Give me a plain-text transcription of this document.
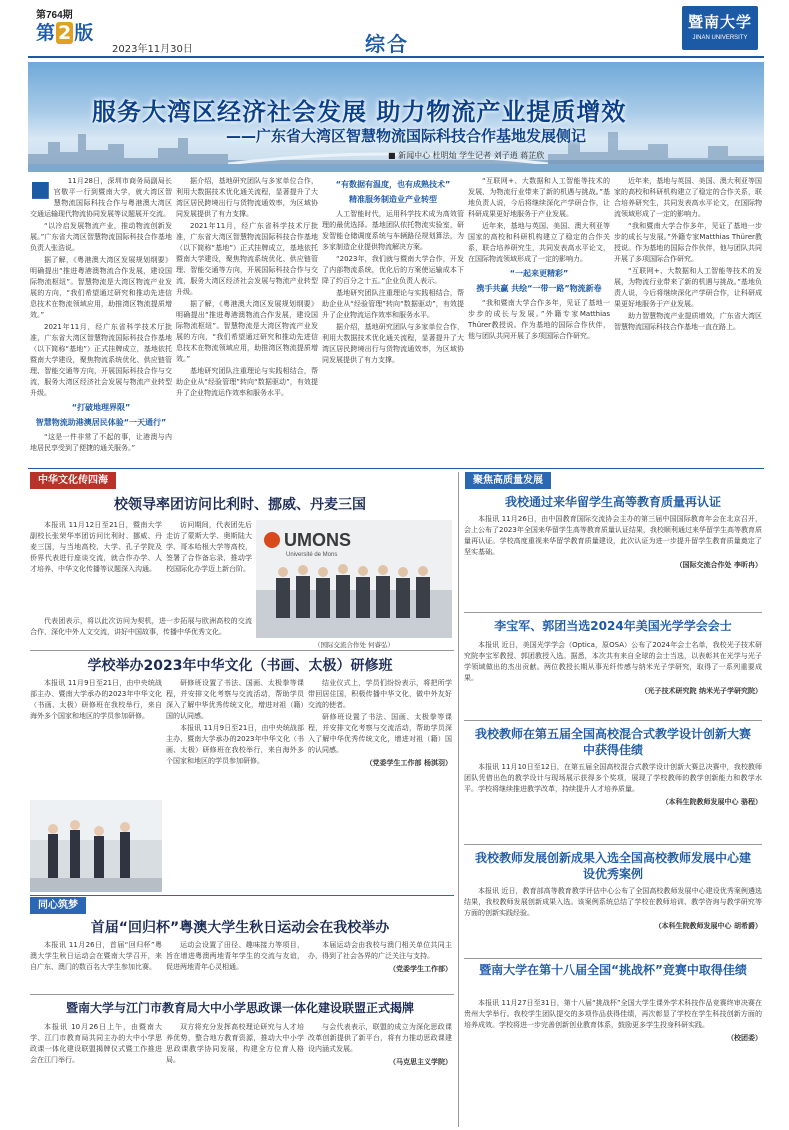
第764期
第 2 版
2023年11月30日	综合
暨南大学
JINAN UNIVERSITY
服务大湾区经济社会发展 助力物流产业提质增效
——广东省大湾区智慧物流国际科技合作基地发展侧记
■ 新闻中心 杜明灿 学生记者 刘子逍 蒋芷欣
■	11月28日，深圳市商务局副局长宫敬平一行到暨南大学，就大湾区智慧物流国际科技合作与粤港澳大湾区交通运输现代物流协同发展等议题展开交流。

“以冷启发展物流产业，推动物流创新发展。”广东省大湾区智慧物流国际科技合作基地负责人张浩说。

据了解，《粤港澳大湾区发展规划纲要》明确提出“推进粤港澳物流合作发展，建设国际物流枢纽”。智慧物流是大湾区物流产业发展的方向，“我们希望通过研究和推动先进信息技术在物流领域应用，助推湾区物流提质增效。”

2021年11月，经广东省科学技术厅批准，广东省大湾区智慧物流国际科技合作基地（以下简称“基地”）正式挂牌成立，基地依托暨南大学建设，聚焦物流系统优化、供应链管理、智能交通等方向，开展国际科技合作与交流，服务大湾区经济社会发展与物流产业转型升级。

“打破地理界限”
智慧物流助港澳居民体验“一天通行”

“这是一件非常了不起的事，让港澳与内地居民享受到了便捷的通关服务。”

据介绍，基地研究团队与多家单位合作，利用大数据技术优化通关流程，显著提升了大湾区居民跨境出行与货物流通效率，为区域协同发展提供了有力支撑。

2021年11月，经广东省科学技术厅批准，广东省大湾区智慧物流国际科技合作基地（以下简称“基地”）正式挂牌成立，基地依托暨南大学建设，聚焦物流系统优化、供应链管理、智能交通等方向，开展国际科技合作与交流，服务大湾区经济社会发展与物流产业转型升级。

据了解，《粤港澳大湾区发展规划纲要》明确提出“推进粤港澳物流合作发展，建设国际物流枢纽”。智慧物流是大湾区物流产业发展的方向，“我们希望通过研究和推动先进信息技术在物流领域应用，助推湾区物流提质增效。”

基地研究团队注重理论与实践相结合，帮助企业从“经验管理”转向“数据驱动”，有效提升了企业物流运作效率和服务水平。

“有数据有温度，也有成熟技术”
精准服务制造业产业转型

人工智能时代，运用科学技术成为高效管理的最优选择。基地团队依托物流实验室，研发智能仓储调度系统与车辆路径规划算法，为多家制造企业提供物流解决方案。

“2023年，我们就与暨南大学合作，开发了内部物流系统，优化后的方案使运输成本下降了约百分之十五。”企业负责人表示。

基地研究团队注重理论与实践相结合，帮助企业从“经验管理”转向“数据驱动”，有效提升了企业物流运作效率和服务水平。

据介绍，基地研究团队与多家单位合作，利用大数据技术优化通关流程，显著提升了大湾区居民跨境出行与货物流通效率，为区域协同发展提供了有力支撑。

“互联网+、大数据和人工智能等技术的发展，为物流行业带来了新的机遇与挑战。”基地负责人说，今后将继续深化产学研合作，让科研成果更好地服务于产业发展。

近年来，基地与英国、美国、澳大利亚等国家的高校和科研机构建立了稳定的合作关系，联合培养研究生，共同发表高水平论文，在国际物流领域形成了一定的影响力。

“一起来更精彩”
携手共赢 共绘“一带一路”物流新卷

“我和暨南大学合作多年，见证了基地一步步的成长与发展。”外籍专家Matthias Thürer教授说。作为基地的国际合作伙伴，他与团队共同开展了多项国际合作研究。

近年来，基地与英国、美国、澳大利亚等国家的高校和科研机构建立了稳定的合作关系，联合培养研究生，共同发表高水平论文，在国际物流领域形成了一定的影响力。

“我和暨南大学合作多年，见证了基地一步步的成长与发展。”外籍专家Matthias Thürer教授说。作为基地的国际合作伙伴，他与团队共同开展了多项国际合作研究。

“互联网+、大数据和人工智能等技术的发展，为物流行业带来了新的机遇与挑战。”基地负责人说，今后将继续深化产学研合作，让科研成果更好地服务于产业发展。

助力智慧物流产业提质增效，广东省大湾区智慧物流国际科技合作基地一直在路上。

中华文化传四海	聚焦高质量发展
同心筑梦
校领导率团访问比利时、挪威、丹麦三国

本报讯 11月12日至21日，暨南大学副校长张荣华率团访问比利时、挪威、丹麦三国，与当地高校、大学、孔子学院及侨界代表进行座谈交流，就合作办学、人才培养、中华文化传播等议题深入沟通。

访问期间，代表团先后走访了蒙斯大学、奥斯陆大学、哥本哈根大学等高校，签署了合作备忘录，推动学校国际化办学迈上新台阶。

UMONS
Université de Mons
（国际交流合作处 何睿弘）

代表团表示，将以此次访问为契机，进一步拓展与欧洲高校的交流合作，深化中外人文交流，讲好中国故事，传播中华优秀文化。

学校举办2023年中华文化（书画、太极）研修班

本报讯 11月9日至21日，由中央统战部主办、暨南大学承办的2023年中华文化（书画、太极）研修班在我校举行，来自海外多个国家和地区的学员参加研修。

研修班设置了书法、国画、太极拳等课程，并安排文化考察与交流活动，帮助学员深入了解中华优秀传统文化，增进对祖（籍）国的认同感。

本报讯 11月9日至21日，由中央统战部主办、暨南大学承办的2023年中华文化（书画、太极）研修班在我校举行，来自海外多个国家和地区的学员参加研修。

结业仪式上，学员们纷纷表示，将把所学带回居住国，积极传播中华文化，做中外友好交流的使者。

研修班设置了书法、国画、太极拳等课程，并安排文化考察与交流活动，帮助学员深入了解中华优秀传统文化，增进对祖（籍）国的认同感。

（党委学生工作部 杨淇羽）
首届“回归杯”粤澳大学生秋日运动会在我校举办

本报讯 11月26日，首届“回归杯”粤澳大学生秋日运动会在暨南大学召开，来自广东、澳门的数百名大学生参加比赛。

运动会设置了田径、趣味接力等项目，旨在增进粤澳两地青年学生的交流与友谊，促进两地青年心灵相通。

本届运动会由我校与澳门相关单位共同主办，得到了社会各界的广泛关注与支持。

（党委学生工作部）
暨南大学与江门市教育局大中小学思政课一体化建设联盟正式揭牌

本报讯 10月26日上午，由暨南大学、江门市教育局共同主办的大中小学思政课一体化建设联盟揭牌仪式暨工作推进会在江门举行。

双方将充分发挥高校理论研究与人才培养优势，整合地方教育资源，推动大中小学思政课教学协同发展，构建全方位育人格局。

与会代表表示，联盟的成立为深化思政课改革创新提供了新平台，将有力推动思政课建设内涵式发展。

（马克思主义学院）
我校通过来华留学生高等教育质量再认证

本报讯 11月26日，由中国教育国际交流协会主办的第三届中国国际教育年会在北京召开，会上公布了2023年全国来华留学生高等教育质量认证结果，我校顺利通过来华留学生高等教育质量再认证。学校高度重视来华留学教育质量建设，此次认证为进一步提升留学生教育质量奠定了坚实基础。

（国际交流合作处 李昕冉）
李宝军、郭团当选2024年美国光学学会会士

本报讯 近日，美国光学学会（Optica，原OSA）公布了2024年会士名单，我校光子技术研究院李宝军教授、郭团教授入选。据悉，本次共有来自全球的会士当选，以表彰其在光学与光子学领域做出的杰出贡献。两位教授长期从事光纤传感与纳米光子学研究，取得了一系列重要成果。

（光子技术研究院 纳米光子学研究院）
我校教师在第五届全国高校混合式教学设计创新大赛中获得佳绩

本报讯 11月10日至12日，在第五届全国高校混合式教学设计创新大赛总决赛中，我校教师团队凭借出色的教学设计与现场展示获得多个奖项，展现了学校教师的教学创新能力和教学水平。学校将继续推进教学改革，持续提升人才培养质量。

（本科生院教师发展中心 骆程）
我校教师发展创新成果入选全国高校教师发展中心建设优秀案例

本报讯 近日，教育部高等教育教学评估中心公布了全国高校教师发展中心建设优秀案例遴选结果，我校教师发展创新成果入选。该案例系统总结了学校在教师培训、教学咨询与教学研究等方面的创新实践经验。

（本科生院教师发展中心 胡希爵）
暨南大学在第十八届全国“挑战杯”竞赛中取得佳绩

本报讯 11月27日至31日，第十八届“挑战杯”全国大学生课外学术科技作品竞赛终审决赛在贵州大学举行。我校学生团队提交的多项作品获得佳绩，再次彰显了学校在学生科技创新方面的培养成效。学校将进一步完善创新创业教育体系，鼓励更多学生投身科研实践。

（校团委）
